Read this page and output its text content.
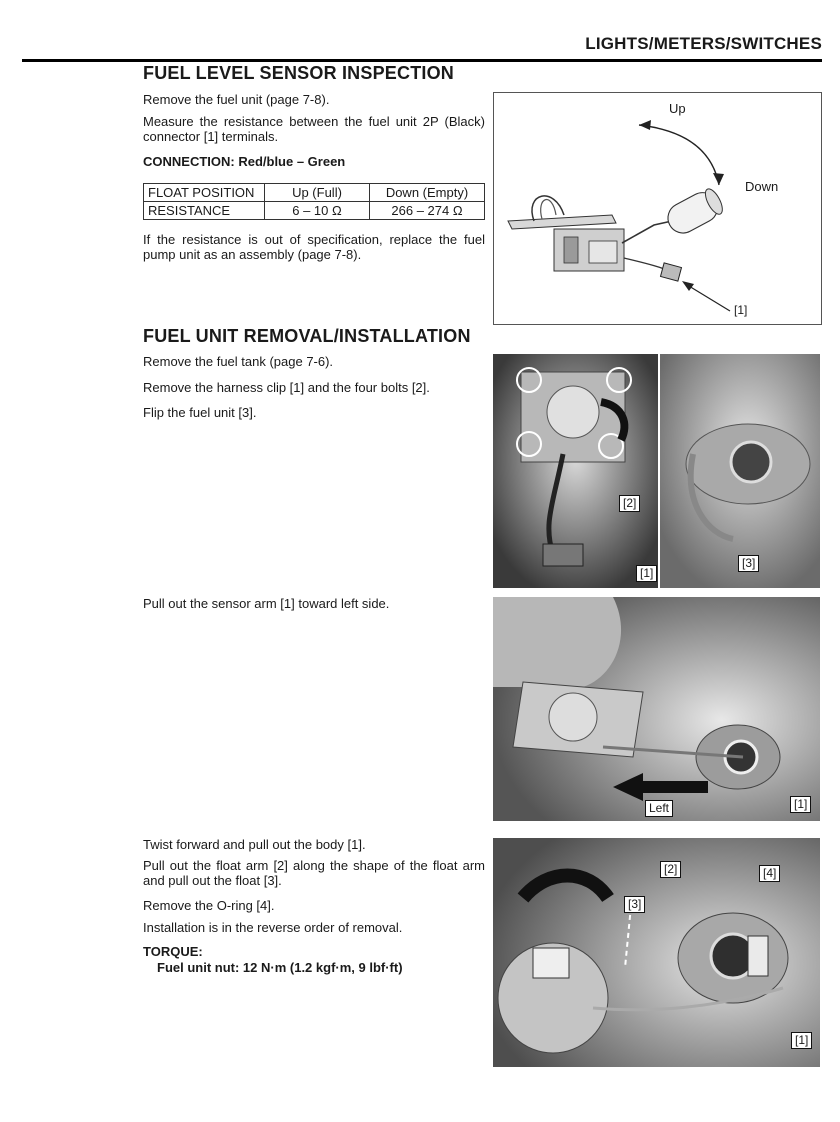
LIGHTS/METERS/SWITCHES
FUEL LEVEL SENSOR INSPECTION

Remove the fuel unit (page 7-8).

Measure the resistance between the fuel unit 2P (Black) connector [1] terminals.

CONNECTION: Red/blue – Green

FLOAT POSITION	Up (Full)	Down (Empty)
RESISTANCE	6 – 10 Ω	266 – 274 Ω

If the resistance is out of specification, replace the fuel pump unit as an assembly (page 7-8).

Up
Down
[1]
FUEL UNIT REMOVAL/INSTALLATION

Remove the fuel tank (page 7-6).

Remove the harness clip [1] and the four bolts [2].

Flip the fuel unit [3].

[2]
[1]
[3]

Pull out the sensor arm [1] toward left side.

Left	[1]

Twist forward and pull out the body [1].

Pull out the float arm [2] along the shape of the float arm and pull out the float [3].

Remove the O-ring [4].

Installation is in the reverse order of removal.

TORQUE:

Fuel unit nut: 12 N·m (1.2 kgf·m, 9 lbf·ft)

[2]	[4]
[3]
[1]
